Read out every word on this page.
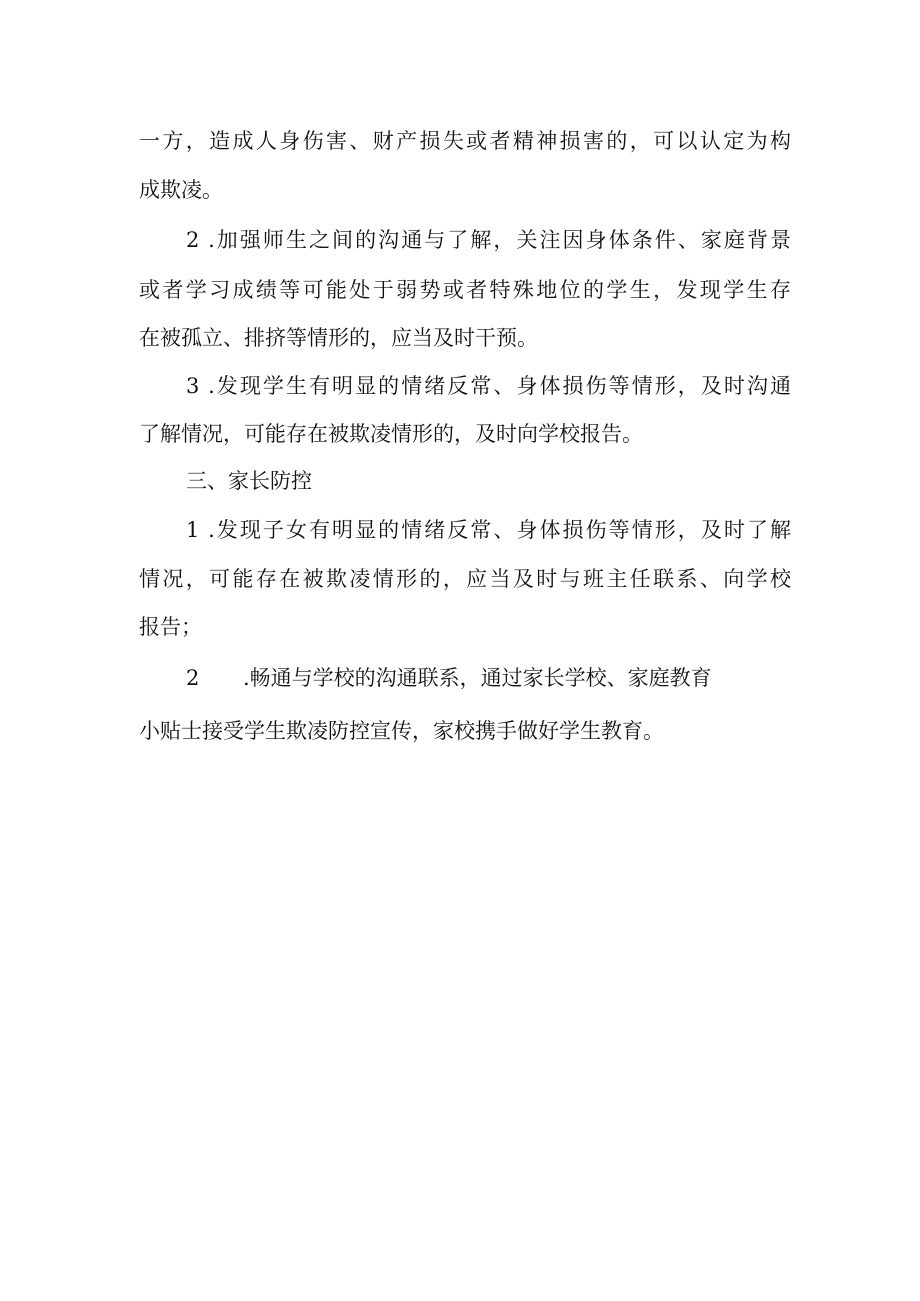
一方，造成人身伤害、财产损失或者精神损害的，可以认定为构
成欺凌。
2 .加强师生之间的沟通与了解，关注因身体条件、家庭背景
或者学习成绩等可能处于弱势或者特殊地位的学生，发现学生存
在被孤立、排挤等情形的，应当及时干预。
3 .发现学生有明显的情绪反常、身体损伤等情形，及时沟通
了解情况，可能存在被欺凌情形的，及时向学校报告。
三、家长防控
1 .发现子女有明显的情绪反常、身体损伤等情形，及时了解
情况，可能存在被欺凌情形的，应当及时与班主任联系、向学校
报告；
2	.畅通与学校的沟通联系，通过家长学校、家庭教育
小贴士接受学生欺凌防控宣传，家校携手做好学生教育。
